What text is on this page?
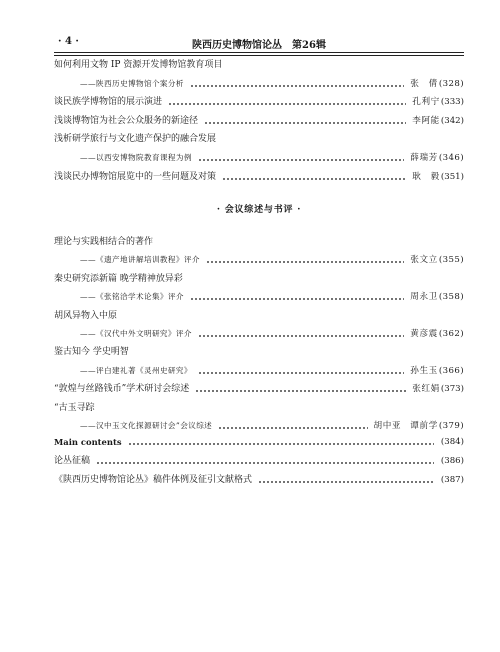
· 4 ·	陕西历史博物馆论丛　第26辑
· 会议综述与书评 ·
如何利用文物 IP 资源开发博物馆教育项目
——陕西历史博物馆个案分析	张　倩 (328)
谈民族学博物馆的展示演进	孔利宁 (333)
浅谈博物馆为社会公众服务的新途径	李阿能 (342)
浅析研学旅行与文化遗产保护的融合发展
——以西安博物院教育课程为例	薛瑞芳 (346)
浅谈民办博物馆展览中的一些问题及对策	耿　毅 (351)
理论与实践相结合的著作
——《遗产地讲解培训教程》评介	张文立 (355)
秦史研究添新篇 晚学精神放异彩
——《张铭洽学术论集》评介	周永卫 (358)
胡风异物入中原
——《汉代中外文明研究》评介	黄彦震 (362)
鉴古知今 学史明智
——评白建礼著《灵州史研究》	孙生玉 (366)
“敦煌与丝路钱币”学术研讨会综述	张红娟 (373)
“古玉寻踪
——汉中玉文化探源研讨会”会议综述	胡中亚　谭前学 (379)
Main contents	(384)
论丛征稿	(386)
《陕西历史博物馆论丛》稿件体例及征引文献格式	(387)
